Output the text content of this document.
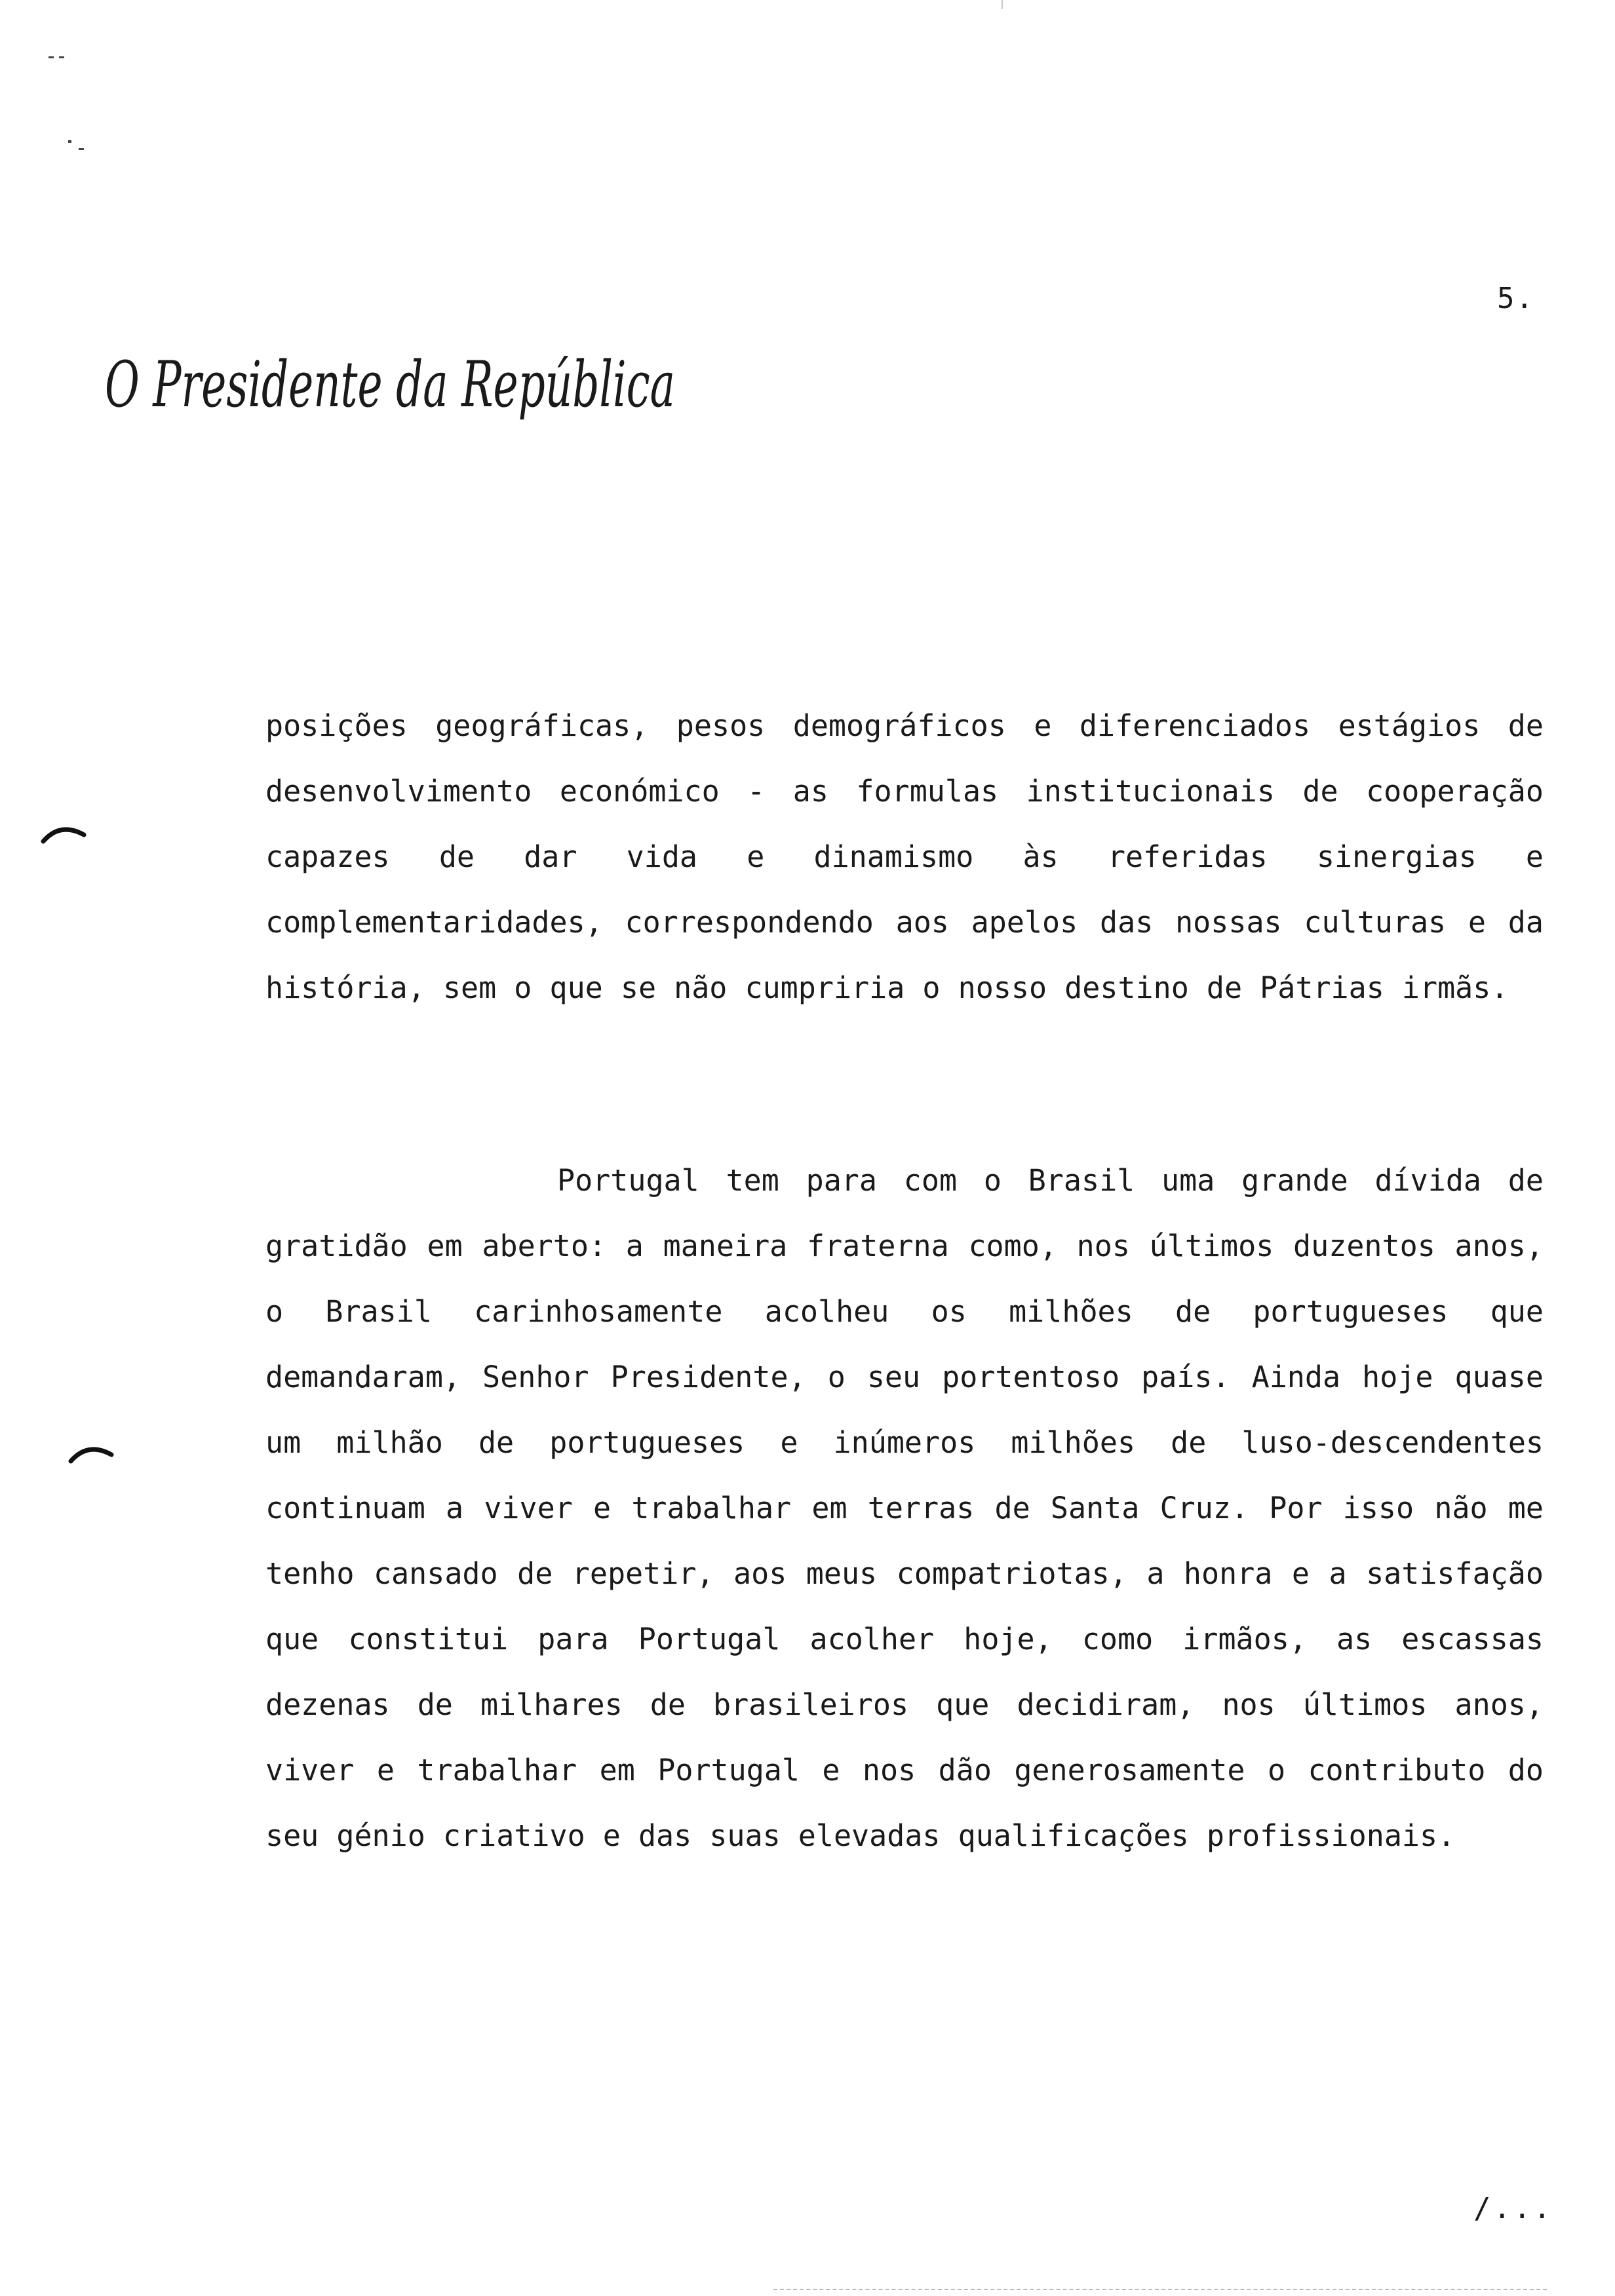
5.
O Presidente da República

posições geográficas, pesos demográficos e diferenciados estágios de desenvolvimento económico - as formulas institucionais de cooperação capazes de dar vida e dinamismo às referidas sinergias e complementaridades, correspondendo aos apelos das nossas culturas e da história, sem o que se não cumpriria o nosso destino de Pátrias irmãs.

Portugal tem para com o Brasil uma grande dívida de gratidão em aberto: a maneira fraterna como, nos últimos duzentos anos, o Brasil carinhosamente acolheu os milhões de portugueses que demandaram, Senhor Presidente, o seu portentoso país. Ainda hoje quase um milhão de portugueses e inúmeros milhões de luso-descendentes continuam a viver e trabalhar em terras de Santa Cruz. Por isso não me tenho cansado de repetir, aos meus compatriotas, a honra e a satisfação que constitui para Portugal acolher hoje, como irmãos, as escassas dezenas de milhares de brasileiros que decidiram, nos últimos anos, viver e trabalhar em Portugal e nos dão generosamente o contributo do seu génio criativo e das suas elevadas qualificações profissionais.

/...
